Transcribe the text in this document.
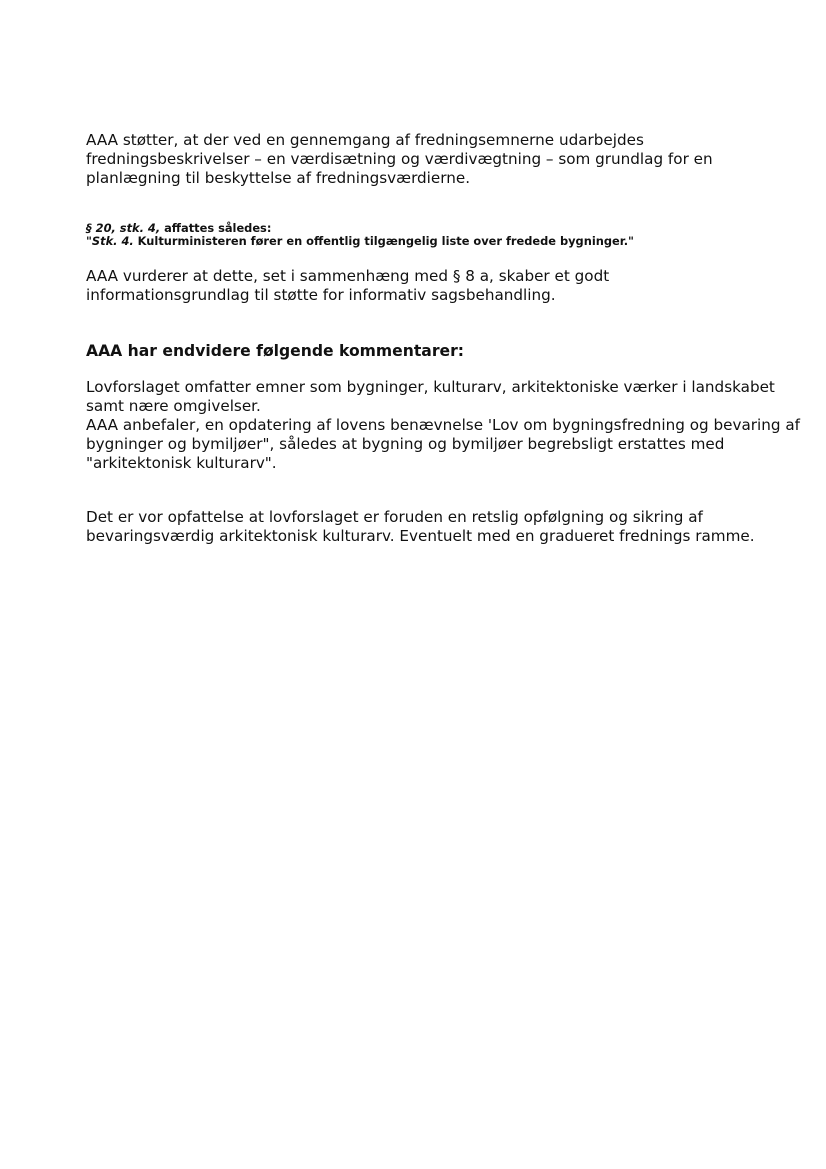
AAA støtter, at der ved en gennemgang af fredningsemnerne udarbejdes
fredningsbeskrivelser – en værdisætning og værdivægtning – som grundlag for en
planlægning til beskyttelse af fredningsværdierne.

§ 20, stk. 4, affattes således:
"Stk. 4. Kulturministeren fører en offentlig tilgængelig liste over fredede bygninger."

AAA vurderer at dette, set i sammenhæng med § 8 a, skaber et godt
informationsgrundlag til støtte for informativ sagsbehandling.

AAA har endvidere følgende kommentarer:

Lovforslaget omfatter emner som bygninger, kulturarv, arkitektoniske værker i landskabet
samt nære omgivelser.
AAA anbefaler, en opdatering af lovens benævnelse 'Lov om bygningsfredning og bevaring af
bygninger og bymiljøer", således at bygning og bymiljøer begrebsligt erstattes med
"arkitektonisk kulturarv".

Det er vor opfattelse at lovforslaget er foruden en retslig opfølgning og sikring af
bevaringsværdig arkitektonisk kulturarv. Eventuelt med en gradueret frednings ramme.
